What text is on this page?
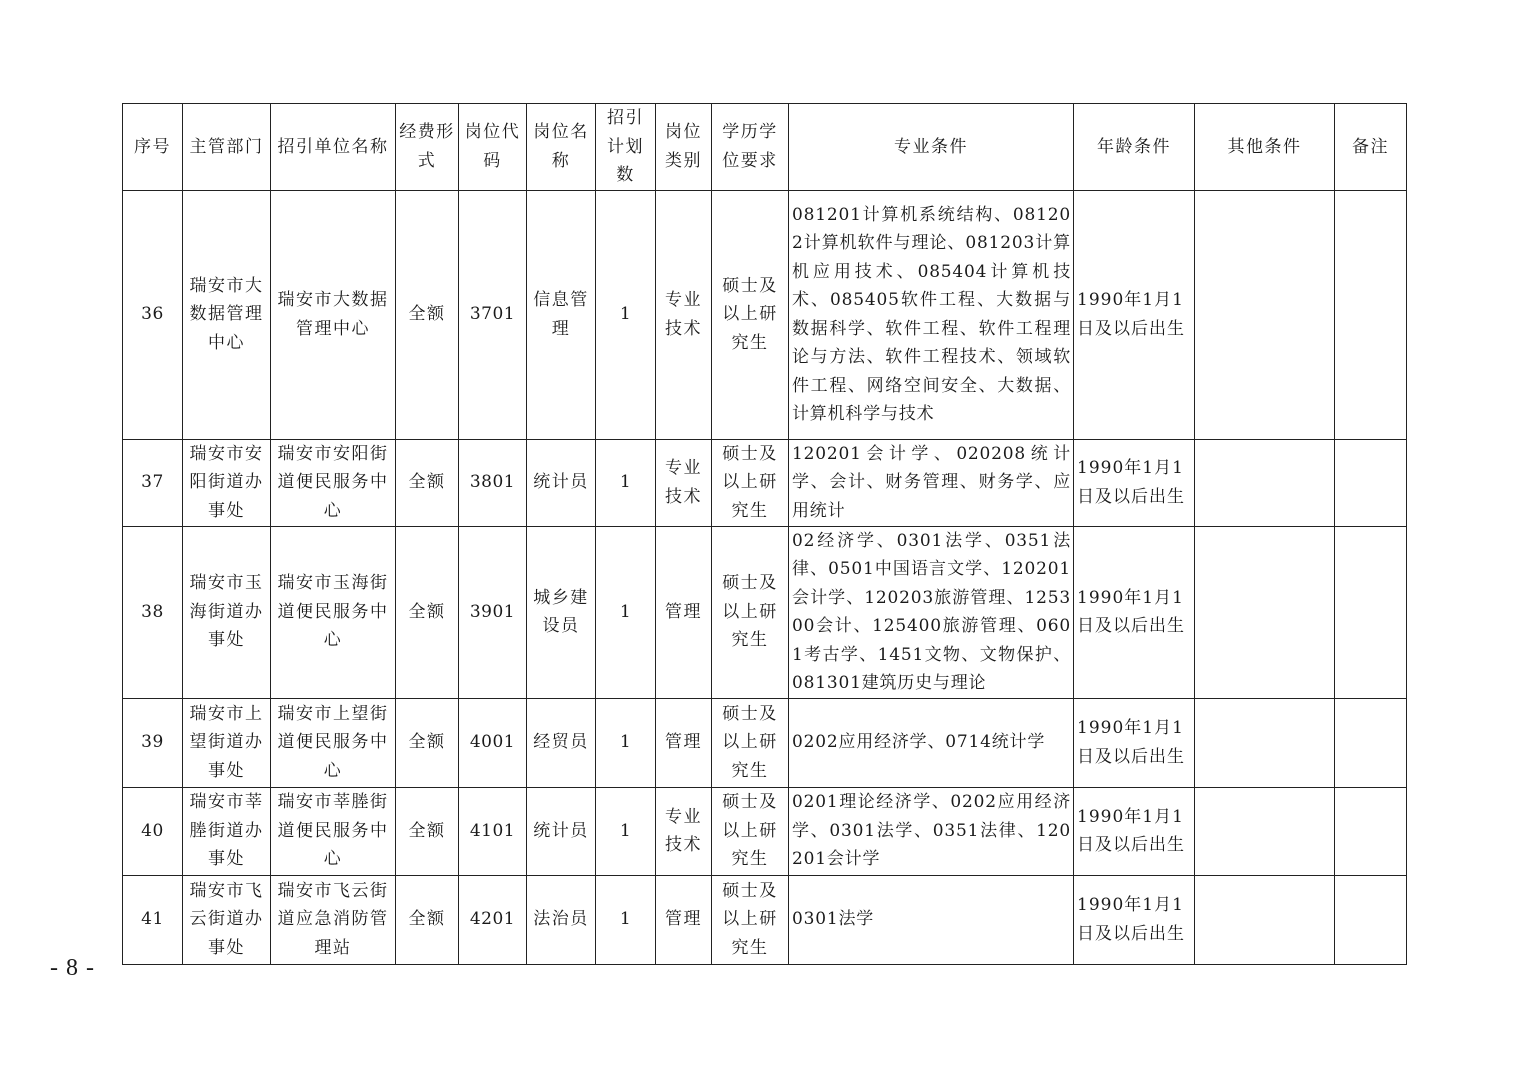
序号	主管部门	招引单位名称	经费形式	岗位代码	岗位名称	招引计划数	岗位类别	学历学位要求	专业条件	年龄条件	其他条件	备注
36	瑞安市大数据管理中心	瑞安市大数据管理中心	全额	3701	信息管理	1	专业技术	硕士及以上研究生	081201计算机系统结构、081202计算机软件与理论、081203计算机应用技术、085404计算机技术、085405软件工程、大数据与数据科学、软件工程、软件工程理论与方法、软件工程技术、领域软件工程、网络空间安全、大数据、计算机科学与技术	1990年1月1日及以后出生		
37	瑞安市安阳街道办事处	瑞安市安阳街道便民服务中心	全额	3801	统计员	1	专业技术	硕士及以上研究生	120201会计学、020208统计学、会计、财务管理、财务学、应用统计	1990年1月1日及以后出生		
38	瑞安市玉海街道办事处	瑞安市玉海街道便民服务中心	全额	3901	城乡建设员	1	管理	硕士及以上研究生	02经济学、0301法学、0351法律、0501中国语言文学、120201会计学、120203旅游管理、125300会计、125400旅游管理、0601考古学、1451文物、文物保护、081301建筑历史与理论	1990年1月1日及以后出生		
39	瑞安市上望街道办事处	瑞安市上望街道便民服务中心	全额	4001	经贸员	1	管理	硕士及以上研究生	0202应用经济学、0714统计学	1990年1月1日及以后出生		
40	瑞安市莘塍街道办事处	瑞安市莘塍街道便民服务中心	全额	4101	统计员	1	专业技术	硕士及以上研究生	0201理论经济学、0202应用经济学、0301法学、0351法律、120201会计学	1990年1月1日及以后出生		
41	瑞安市飞云街道办事处	瑞安市飞云街道应急消防管理站	全额	4201	法治员	1	管理	硕士及以上研究生	0301法学	1990年1月1日及以后出生		
- 8 -
